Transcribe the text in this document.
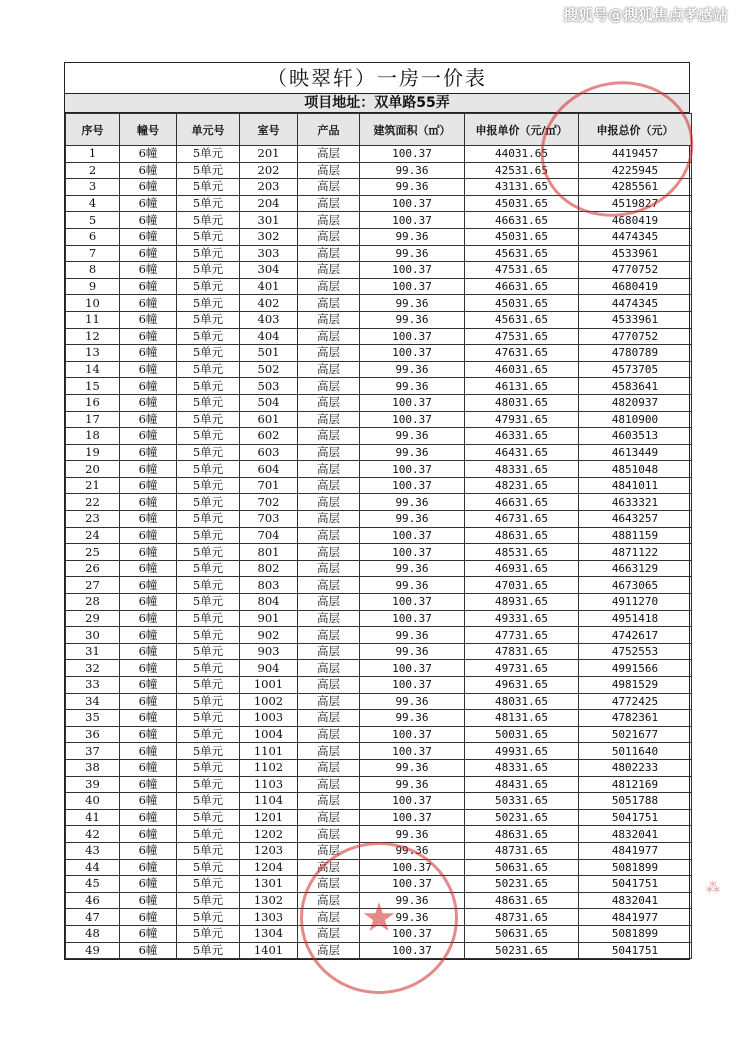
搜狐号@搜狐焦点孝感站
（映翠轩）一房一价表
项目地址：双单路55弄
序号	幢号	单元号	室号	产品	建筑面积（㎡）	申报单价（元/㎡）	申报总价（元）
1	6幢	5单元	201	高层	100.37	44031.65	4419457
2	6幢	5单元	202	高层	99.36	42531.65	4225945
3	6幢	5单元	203	高层	99.36	43131.65	4285561
4	6幢	5单元	204	高层	100.37	45031.65	4519827
5	6幢	5单元	301	高层	100.37	46631.65	4680419
6	6幢	5单元	302	高层	99.36	45031.65	4474345
7	6幢	5单元	303	高层	99.36	45631.65	4533961
8	6幢	5单元	304	高层	100.37	47531.65	4770752
9	6幢	5单元	401	高层	100.37	46631.65	4680419
10	6幢	5单元	402	高层	99.36	45031.65	4474345
11	6幢	5单元	403	高层	99.36	45631.65	4533961
12	6幢	5单元	404	高层	100.37	47531.65	4770752
13	6幢	5单元	501	高层	100.37	47631.65	4780789
14	6幢	5单元	502	高层	99.36	46031.65	4573705
15	6幢	5单元	503	高层	99.36	46131.65	4583641
16	6幢	5单元	504	高层	100.37	48031.65	4820937
17	6幢	5单元	601	高层	100.37	47931.65	4810900
18	6幢	5单元	602	高层	99.36	46331.65	4603513
19	6幢	5单元	603	高层	99.36	46431.65	4613449
20	6幢	5单元	604	高层	100.37	48331.65	4851048
21	6幢	5单元	701	高层	100.37	48231.65	4841011
22	6幢	5单元	702	高层	99.36	46631.65	4633321
23	6幢	5单元	703	高层	99.36	46731.65	4643257
24	6幢	5单元	704	高层	100.37	48631.65	4881159
25	6幢	5单元	801	高层	100.37	48531.65	4871122
26	6幢	5单元	802	高层	99.36	46931.65	4663129
27	6幢	5单元	803	高层	99.36	47031.65	4673065
28	6幢	5单元	804	高层	100.37	48931.65	4911270
29	6幢	5单元	901	高层	100.37	49331.65	4951418
30	6幢	5单元	902	高层	99.36	47731.65	4742617
31	6幢	5单元	903	高层	99.36	47831.65	4752553
32	6幢	5单元	904	高层	100.37	49731.65	4991566
33	6幢	5单元	1001	高层	100.37	49631.65	4981529
34	6幢	5单元	1002	高层	99.36	48031.65	4772425
35	6幢	5单元	1003	高层	99.36	48131.65	4782361
36	6幢	5单元	1004	高层	100.37	50031.65	5021677
37	6幢	5单元	1101	高层	100.37	49931.65	5011640
38	6幢	5单元	1102	高层	99.36	48331.65	4802233
39	6幢	5单元	1103	高层	99.36	48431.65	4812169
40	6幢	5单元	1104	高层	100.37	50331.65	5051788
41	6幢	5单元	1201	高层	100.37	50231.65	5041751
42	6幢	5单元	1202	高层	99.36	48631.65	4832041
43	6幢	5单元	1203	高层	99.36	48731.65	4841977
44	6幢	5单元	1204	高层	100.37	50631.65	5081899
45	6幢	5单元	1301	高层	100.37	50231.65	5041751
46	6幢	5单元	1302	高层	99.36	48631.65	4832041
47	6幢	5单元	1303	高层	99.36	48731.65	4841977
48	6幢	5单元	1304	高层	100.37	50631.65	5081899
49	6幢	5单元	1401	高层	100.37	50231.65	5041751
★
⁂
